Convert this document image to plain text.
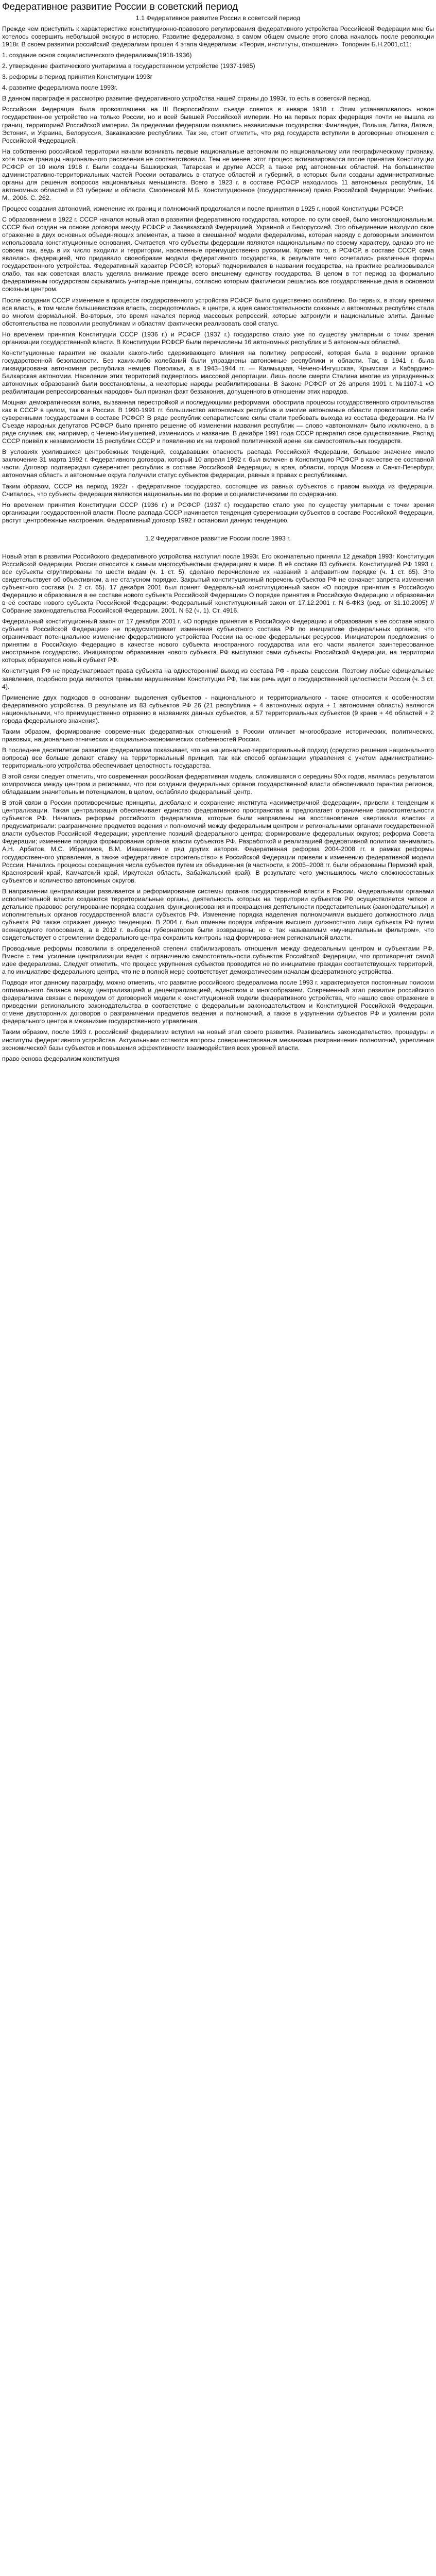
Федеративное развитие России в советский период

1.1 Федеративное развитие России в советский период

Прежде чем приступить к характеристике конституционно-правового регулирования федеративного устройства Российской Федерации мне бы хотелось совершить небольшой экскурс в историю. Развитие федерализма в самом общем смысле этого слова началось после революции 1918г. В своем развитии российский федерализм прошел 4 этапа Федерализм: «Теория, институты, отношения». Топорнин Б.Н.2001,с11:

1. создание основ социалистического федерализма(1918-1936)

2. утверждение фактического унитаризма в государственном устройстве (1937-1985)

3. реформы в период принятия Конституции 1993г

4. развитие федерализма после 1993г.

В данном параграфе я рассмотрю развитие федеративного устройства нашей страны до 1993г, то есть в советский период.

Российская Федерация была провозглашена на III Всероссийском съезде советов в январе 1918 г. Этим устанавливалось новое государственное устройство на только России, но и всей бывшей Российской империи. Но на первых порах федерация почти не вышла из границ, территорией Российской империи. За пределами федерации оказались независимые государства: Финляндия, Польша, Литва, Латвия, Эстония, и Украина, Белоруссия, Закавказские республики. Так же, стоит отметить, что ряд государств вступили в договорные отношения с Российской Федерацией.

На собственно российской территории начали возникать первые национальные автономии по национальному или географическому признаку, хотя такие границы национального расселения не соответствовали. Тем не менее, этот процесс активизировался после принятия Конституции РСФСР от 10 июля 1918 г. Были созданы Башкирская, Татарская и другие АССР, а также ряд автономных областей. На большинстве административно-территориальных частей России оставались в статусе областей и губерний, в которых были созданы административные органы для решения вопросов национальных меньшинств. Всего в 1923 г. в составе РСФСР находилось 11 автономных республик, 14 автономных областей и 63 губернии и области. Смоленский М.Б. Конституционное (государственное) право Российской Федерации: Учебник. М., 2006. С. 262.

Процесс создания автономий, изменение их границ и полномочий продолжался и после принятия в 1925 г. новой Конституции РСФСР.

С образованием в 1922 г. СССР начался новый этап в развитии федеративного государства, которое, по сути своей, было многонациональным. СССР был создан на основе договора между РСФСР и Закавказской Федерацией, Украиной и Белоруссией. Это объединение находило свое отражение в двух основных объединяющих элементах, а также в смешанной модели федерализма, которая наряду с договорным элементом использовала конституционные основания. Считается, что субъекты федерации являются национальными по своему характеру, однако это не совсем так, ведь в их число входили и территории, населенные преимущественно русскими. Кроме того, в РСФСР, в составе СССР, сама являлась федерацией, что придавало своеобразие модели федеративного государства, в результате чего сочетались различные формы государственного устройства. Федеративный характер РСФСР, который подчеркивался в названии государства, на практике реализовывался слабо, так как советская власть уделяла внимание прежде всего внешнему единству государства. В целом в тот период за формально федеративным государством скрывались унитарные принципы, согласно которым фактически решались все государственные дела в основном союзным центром.

После создания СССР изменение в процессе государственного устройства РСФСР было существенно ослаблено. Во-первых, в этому времени вся власть, в том числе большевистская власть, сосредоточилась в центре, а идея самостоятельности союзных и автономных республик стала во многом формальной. Во-вторых, это время начался период массовых репрессий, которые затронули и национальные элиты. Данные обстоятельства не позволили республикам и областям фактически реализовать свой статус.

Но временем принятия Конституции СССР (1936 г.) и РСФСР (1937 г.) государство стало уже по существу унитарным с точки зрения организации государственной власти. В Конституции РСФСР были перечислены 16 автономных республик и 5 автономных областей.

Конституционные гарантии не оказали какого-либо сдерживающего влияния на политику репрессий, которая была в ведении органов государственной безопасности. Без каких-либо колебаний были упразднены автономные республики и области. Так, в 1941 г. была ликвидирована автономная республика немцев Поволжья, а в 1943–1944 гг. — Калмыцкая, Чечено-Ингушская, Крымская и Кабардино-Балкарская автономии. Население этих территорий подверглось массовой депортации. Лишь после смерти Сталина многие из упраздненных автономных образований были восстановлены, а некоторые народы реабилитированы. В Законе РСФСР от 26 апреля 1991 г. №1107-1 «О реабилитации репрессированных народов» был признан факт беззакония, допущенного в отношении этих народов.

Мощная демократическая волна, вызванная перестройкой и последующими реформами, обострила процессы государственного строительства как в СССР в целом, так и в России. В 1990-1991 гг. большинство автономных республик и многие автономные области провозгласили себя суверенными государствами в составе РСФСР. В ряде республик сепаратистские силы стали требовать выхода из состава федерации. На IV Съезде народных депутатов РСФСР было принято решение об изменении названия республик — слово «автономная» было исключено, а в ряде случаев, как, например, с Чечено-Ингушетией, изменилось и название. В декабре 1991 года СССР прекратил свое существование. Распад СССР привёл к независимости 15 республик СССР и появлению их на мировой политической арене как самостоятельных государств.

В условиях усилившихся центробежных тенденций, создававших опасность распада Российской Федерации, большое значение имело заключение 31 марта 1992 г. Федеративного договора, который 10 апреля 1992 г. был включен в Конституцию РСФСР в качестве ее составной части. Договор подтверждал суверенитет республик в составе Российской Федерации, а края, области, города Москва и Санкт-Петербург, автономная область и автономные округа получили статус субъектов федерации, равных в правах с республиками.

Таким образом, СССР на период 1922г - федеративное государство, состоящее из равных субъектов с правом выхода из федерации. Считалось, что субъекты федерации являются национальными по форме и социалистическими по содержанию.

Но временем принятия Конституции СССР (1936 г.) и РСФСР (1937 г.) государство стало уже по существу унитарным с точки зрения организации государственной власти. После распада СССР начинается тенденция суверенизации субъектов в составе Российской Федерации, растут центробежные настроения. Федеративный договор 1992 г остановил данную тенденцию.

1.2 Федеративное развитие России после 1993 г.

Новый этап в развитии Российского федеративного устройства наступил после 1993г. Его окончательно приняли 12 декабря 1993г Конституция Российской Федерации. Россия относится к самым многосубъектным федерациям в мире. В её составе 83 субъекта. Конституцией РФ 1993 г. все субъекты сгруппированы по шести видам (ч. 1 ст. 5), сделано перечисление их названий в алфавитном порядке (ч. 1 ст. 65). Это свидетельствует об объективном, а не статусном порядке. Закрытый конституционный перечень субъектов РФ не означает запрета изменения субъектного состава (ч. 2 ст. 65). 17 декабря 2001 был принят Федеральный конституционный закон «О порядке принятия в Российскую Федерацию и образования в ее составе нового субъекта Российской Федерации» О порядке принятия в Российскую Федерацию и образовании в её составе нового субъекта Российской Федерации: Федеральный конституционный закон от 17.12.2001 г. N 6-ФКЗ (ред. от 31.10.2005) // Собрание законодательства Российской Федерации. 2001. N 52 (ч. 1). Ст. 4916.

Федеральный конституционный закон от 17 декабря 2001 г. «О порядке принятия в Российскую Федерацию и образования в ее составе нового субъекта Российской Федерации» не предусматривает изменения субъектного состава РФ по инициативе федеральных органов, что ограничивает потенциальное изменение федеративного устройства России на основе федеральных ресурсов. Инициатором предложения о принятии в Российскую Федерацию в качестве нового субъекта иностранного государства или его части является заинтересованное иностранное государство. Инициатором образования нового субъекта РФ выступают сами субъекты Российской Федерации, на территории которых образуется новый субъект РФ.

Конституция РФ не предусматривает права субъекта на односторонний выход из состава РФ - права сецессии. Поэтому любые официальные заявления, подобного рода являются прямыми нарушениями Конституции РФ, так как речь идет о государственной целостности России (ч. 3 ст. 4).

Применение двух подходов в основании выделения субъектов - национального и территориального - также относится к особенностям федеративного устройства. В результате из 83 субъектов РФ 26 (21 республика + 4 автономных округа + 1 автономная область) являются национальными, что преимущественно отражено в названиях данных субъектов, а 57 территориальных субъектов (9 краев + 46 областей + 2 города федерального значения).

Таким образом, формирование современных федеративных отношений в России отличает многообразие исторических, политических, правовых, национально-этнических и социально-экономических особенностей России.

В последнее десятилетие развитие федерализма показывает, что на национально-территориальный подход (средство решения национального вопроса) все больше делают ставку на территориальный принцип, так как способ организации управления с учетом административно-территориального устройства обеспечивает целостность государства.

В этой связи следует отметить, что современная российская федеративная модель, сложившаяся с середины 90-х годов, являлась результатом компромисса между центром и регионами, что при создании федеральных органов государственной власти обеспечивало гарантии регионов, обладавшим значительным потенциалом, в целом, ослабляло федеральный центр.

В этой связи в России противоречивые принципы, дисбаланс и сохранение института «асимметричной федерации», привели к тенденции к централизации. Такая централизация обеспечивает единство федеративного пространства и предполагает ограничение самостоятельности субъектов РФ. Начались реформы российского федерализма, которые были направлены на восстановление «вертикали власти» и предусматривали: разграничение предметов ведения и полномочий между федеральным центром и региональными органами государственной власти субъектов Российской Федерации; укрепление позиций федерального центра; формирование федеральных округов; реформа Совета Федерации; изменение порядка формирования органов власти субъектов РФ. Разработкой и реализацией федеративной политики занимались А.Н. Арбатов, М.С. Ибрагимов, В.М. Ивашкевич и ряд других авторов. Федеративная реформа 2004-2008 гг. в рамках реформы государственного управления, а также «федеративное строительство» в Российской Федерации привели к изменению федеративной модели России. Начались процессы сокращения числа субъектов путем их объединения (в частности, в 2005–2008 гг. были образованы Пермский край, Красноярский край, Камчатский край, Иркутская область, Забайкальский край). В результате чего уменьшилось число сложносоставных субъектов и количество автономных округов.

В направлении централизации развивается и реформирование системы органов государственной власти в России. Федеральными органами исполнительной власти создаются территориальные органы, деятельность которых на территории субъектов РФ осуществляется четкое и детальное правовое регулирование порядка создания, функционирования и прекращения деятельности представительных (законодательных) и исполнительных органов государственной власти субъектов РФ. Изменение порядка наделения полномочиями высшего должностного лица субъекта РФ также отражает данную тенденцию. В 2004 г. был отменен порядок избрания высшего должностного лица субъекта РФ путем всенародного голосования, а в 2012 г. выборы губернаторов были возвращены, но с так называемым «муниципальным фильтром», что свидетельствует о стремлении федерального центра сохранить контроль над формированием региональной власти.

Проводимые реформы позволили в определенной степени стабилизировать отношения между федеральным центром и субъектами РФ. Вместе с тем, усиление централизации ведет к ограничению самостоятельности субъектов Российской Федерации, что противоречит самой идее федерализма. Следует отметить, что процесс укрупнения субъектов проводится не по инициативе граждан соответствующих территорий, а по инициативе федерального центра, что не в полной мере соответствует демократическим началам федеративного устройства.

Подводя итог данному параграфу, можно отметить, что развитие российского федерализма после 1993 г. характеризуется постоянным поиском оптимального баланса между централизацией и децентрализацией, единством и многообразием. Современный этап развития российского федерализма связан с переходом от договорной модели к конституционной модели федеративного устройства, что нашло свое отражение в приведении регионального законодательства в соответствие с федеральным законодательством и Конституцией Российской Федерации, отмене двусторонних договоров о разграничении предметов ведения и полномочий, а также в укрупнении субъектов РФ и усилении роли федерального центра в механизме государственного управления.

Таким образом, после 1993 г. российский федерализм вступил на новый этап своего развития. Развивались законодательство, процедуры и институты федеративного устройства. Актуальными остаются вопросы совершенствования механизма разграничения полномочий, укрепления экономической базы субъектов и повышения эффективности взаимодействия всех уровней власти.

право основа федерализм конституция
